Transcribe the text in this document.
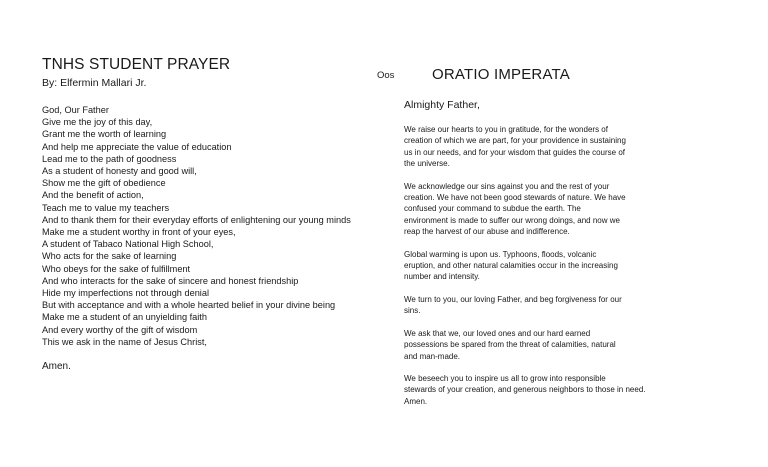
TNHS STUDENT PRAYER
By: Elfermin Mallari Jr.
God, Our Father
Give me the joy of this day,
Grant me the worth of learning
And help me appreciate the value of education
Lead me to the path of goodness
As a student of honesty and good will,
Show me the gift of obedience
And the benefit of action,
Teach me to value my teachers
And to thank them for their everyday efforts of enlightening our young minds
Make me a student worthy in front of your eyes,
A student of Tabaco National High School,
Who acts for the sake of learning
Who obeys for the sake of fulfillment
And who interacts for the sake of sincere and honest friendship
Hide my imperfections not through denial
But with acceptance and with a whole hearted belief in your divine being
Make me a student of an unyielding faith
And every worthy of the gift of wisdom
This we ask in the name of Jesus Christ,
Amen.
Oos	ORATIO IMPERATA
Almighty Father,
We raise our hearts to you in gratitude, for the wonders of
creation of which we are part, for your providence in sustaining
us in our needs, and for your wisdom that guides the course of
the universe.
We acknowledge our sins against you and the rest of your
creation. We have not been good stewards of nature. We have
confused your command to subdue the earth. The
environment is made to suffer our wrong doings, and now we
reap the harvest of our abuse and indifference.
Global warming is upon us. Typhoons, floods, volcanic
eruption, and other natural calamities occur in the increasing
number and intensity.
We turn to you, our loving Father, and beg forgiveness for our
sins.
We ask that we, our loved ones and our hard earned
possessions be spared from the threat of calamities, natural
and man-made.
We beseech you to inspire us all to grow into responsible
stewards of your creation, and generous neighbors to those in need.
Amen.
